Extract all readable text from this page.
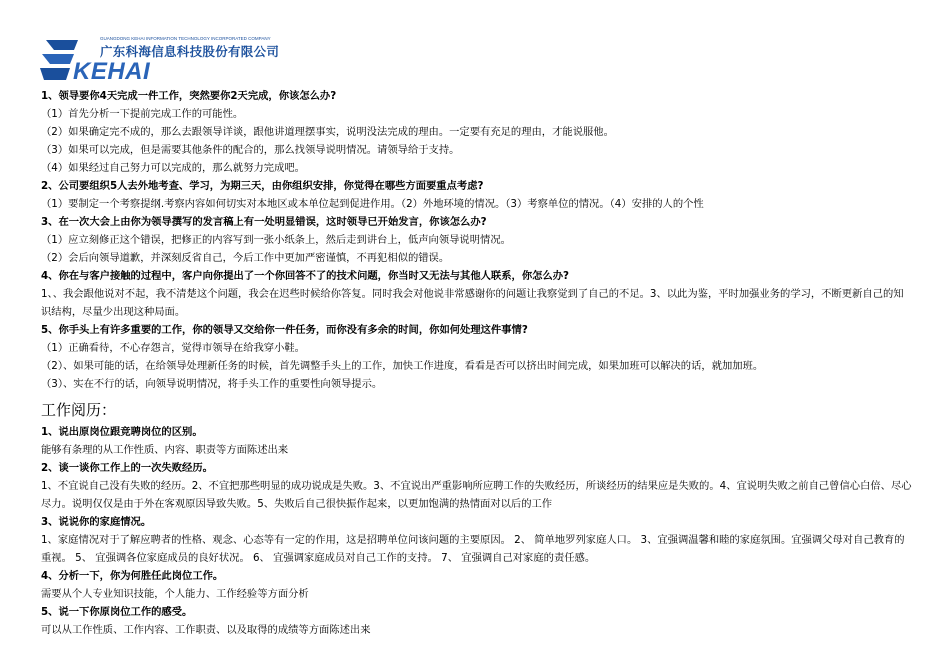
GUANGDONG KEHAI INFORMATION TECHNOLOGY INCORPORATED COMPANY
广东科海信息科技股份有限公司
KEHAI
1、领导要你4天完成一件工作，突然要你2天完成，你该怎么办?
（1）首先分析一下提前完成工作的可能性。
（2）如果确定完不成的，那么去跟领导详谈，跟他讲道理摆事实，说明没法完成的理由。一定要有充足的理由，才能说服他。
（3）如果可以完成，但是需要其他条件的配合的，那么找领导说明情况。请领导给于支持。
（4）如果经过自己努力可以完成的，那么就努力完成吧。
2、公司要组织5人去外地考查、学习，为期三天，由你组织安排，你觉得在哪些方面要重点考虑?
（1）要制定一个考察提纲.考察内容如何切实对本地区或本单位起到促进作用。（2）外地环境的情况。（3）考察单位的情况。（4）安排的人的个性
3、在一次大会上由你为领导撰写的发言稿上有一处明显错误，这时领导已开始发言，你该怎么办?
（1）应立刻修正这个错误，把修正的内容写到一张小纸条上，然后走到讲台上，低声向领导说明情况。
（2）会后向领导道歉，并深刻反省自己，今后工作中更加严密谨慎，不再犯相似的错误。
4、你在与客户接触的过程中，客户向你提出了一个你回答不了的技术问题，你当时又无法与其他人联系，你怎么办?
1、、我会跟他说对不起，我不清楚这个问题，我会在迟些时候给你答复。同时我会对他说非常感谢你的问题让我察觉到了自己的不足。3、以此为鉴，平时加强业务的学习，不断更新自己的知识结构，尽量少出现这种局面。
5、你手头上有许多重要的工作，你的领导又交给你一件任务，而你没有多余的时间，你如何处理这件事情?
（1）正确看待，不心存怨言，觉得市领导在给我穿小鞋。
（2）、如果可能的话，在给领导处理新任务的时候，首先调整手头上的工作，加快工作进度，看看是否可以挤出时间完成，如果加班可以解决的话，就加加班。
（3）、实在不行的话，向领导说明情况，将手头工作的重要性向领导提示。
工作阅历：
1、说出原岗位跟竞聘岗位的区别。
能够有条理的从工作性质、内容、职责等方面陈述出来
2、谈一谈你工作上的一次失败经历。
1、不宜说自己没有失败的经历。2、不宜把那些明显的成功说成是失败。3、不宜说出严重影响所应聘工作的失败经历，所谈经历的结果应是失败的。4、宜说明失败之前自己曾信心白倍、尽心尽力。说明仅仅是由于外在客观原因导致失败。5、失败后自己很快振作起来，以更加饱满的热情面对以后的工作
3、说说你的家庭情况。
1、家庭情况对于了解应聘者的性格、观念、心态等有一定的作用，这是招聘单位问该问题的主要原因。 2、 简单地罗列家庭人口。 3、宜强调温馨和睦的家庭氛围。宜强调父母对自己教育的重视。 5、 宜强调各位家庭成员的良好状况。 6、 宜强调家庭成员对自己工作的支持。 7、 宜强调自己对家庭的责任感。
4、分析一下，你为何胜任此岗位工作。
需要从个人专业知识技能，个人能力、工作经验等方面分析
5、说一下你原岗位工作的感受。
可以从工作性质、工作内容、工作职责、以及取得的成绩等方面陈述出来
